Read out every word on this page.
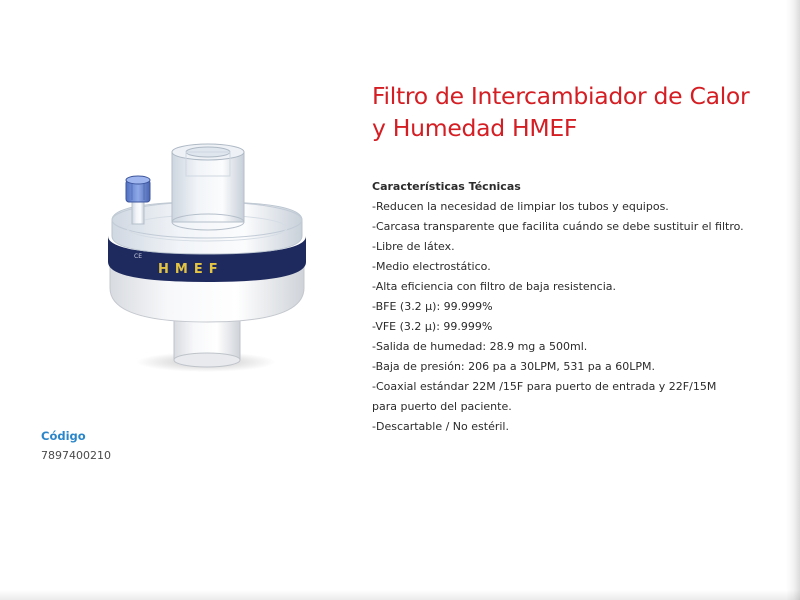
HMEF
CE
Código
7897400210
Filtro de Intercambiador de Calor
y Humedad HMEF
Características Técnicas
-Reducen la necesidad de limpiar los tubos y equipos.
-Carcasa transparente que facilita cuándo se debe sustituir el filtro.
-Libre de látex.
-Medio electrostático.
-Alta eficiencia con filtro de baja resistencia.
-BFE (3.2 µ): 99.999%
-VFE (3.2 µ): 99.999%
-Salida de humedad: 28.9 mg a 500ml.
-Baja de presión: 206 pa a 30LPM, 531 pa a 60LPM.
-Coaxial estándar 22M /15F para puerto de entrada y 22F/15M
para puerto del paciente.
-Descartable / No estéril.
